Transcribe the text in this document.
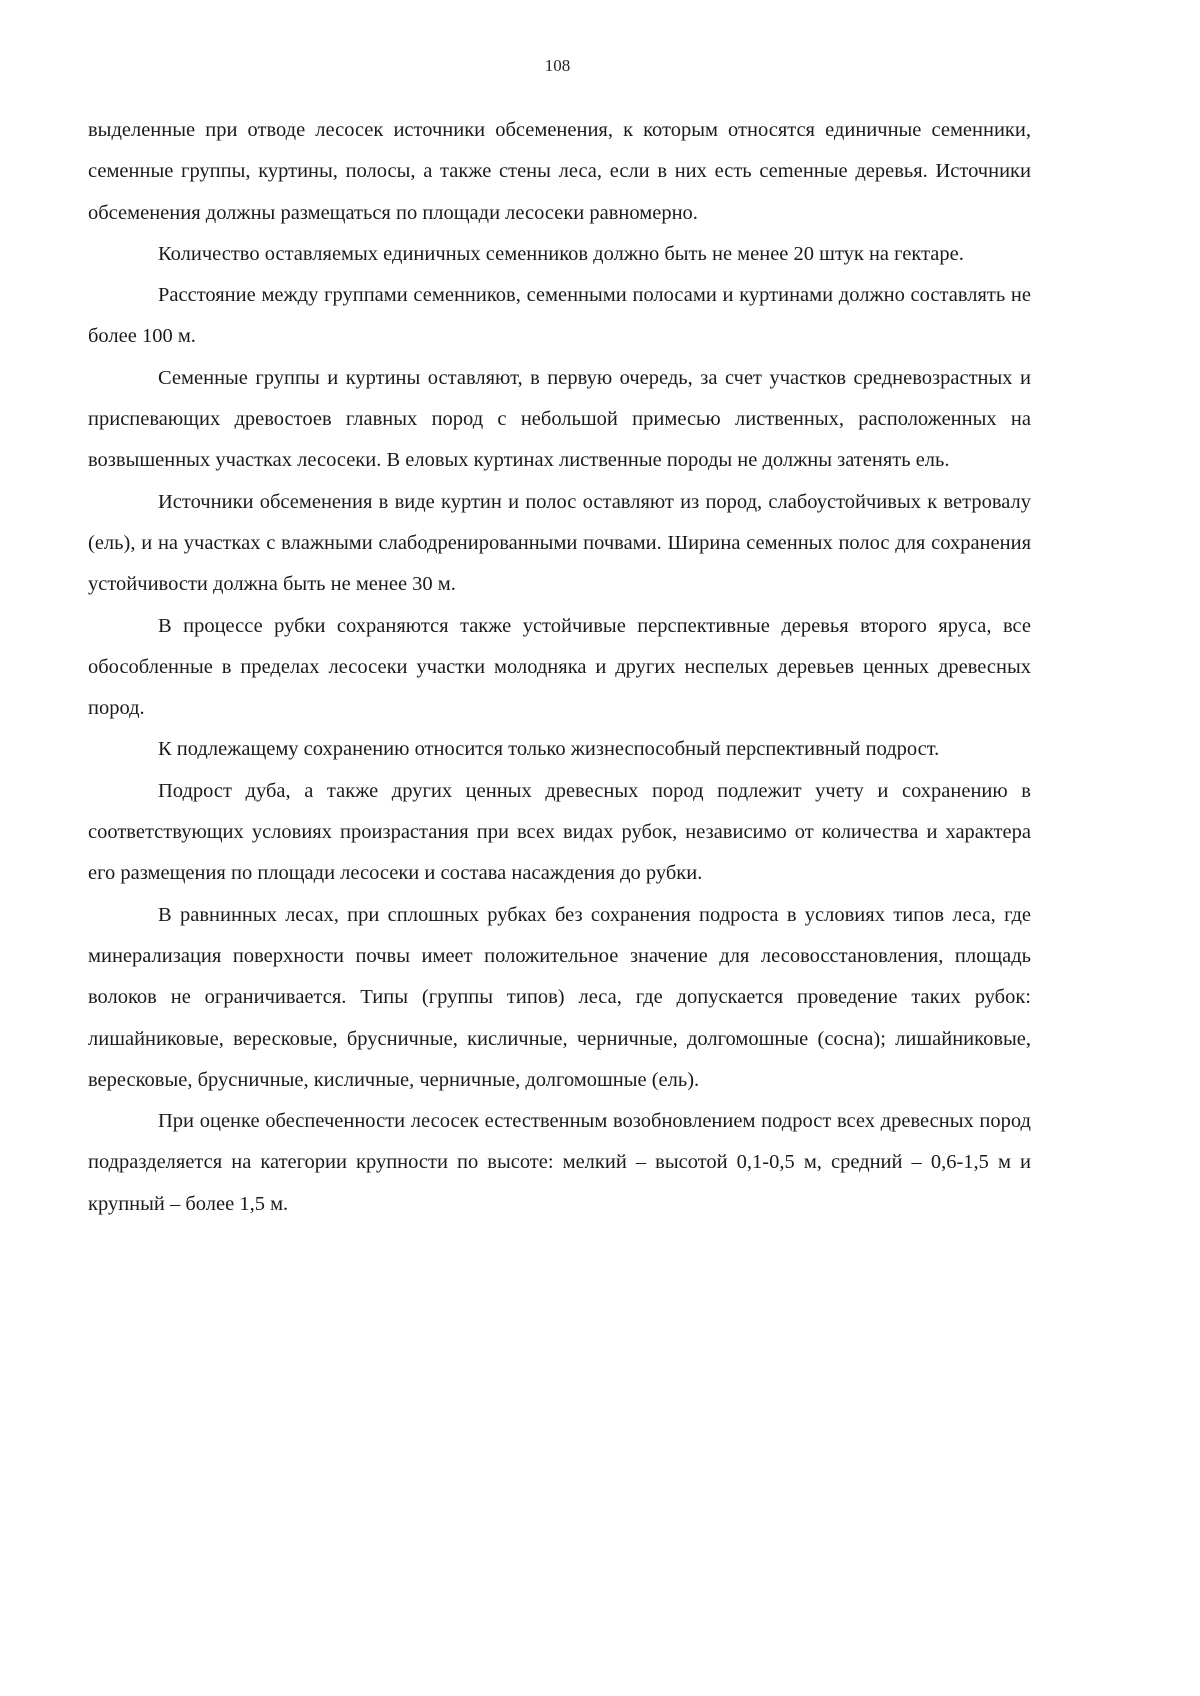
108

выделенные при отводе лесосек источники обсеменения, к которым относятся единичные семенники, семенные группы, куртины, полосы, а также стены леса, если в них есть сеmенные деревья. Источники обсеменения должны размещаться по площади лесосеки равномерно.

Количество оставляемых единичных семенников должно быть не менее 20 штук на гектаре.

Расстояние между группами семенников, семенными полосами и куртинами должно составлять не более 100 м.

Семенные группы и куртины оставляют, в первую очередь, за счет участков средневозрастных и приспевающих древостоев главных пород с небольшой примесью лиственных, расположенных на возвышенных участках лесосеки. В еловых куртинах лиственные породы не должны затенять ель.

Источники обсеменения в виде куртин и полос оставляют из пород, слабоустойчивых к ветровалу (ель), и на участках с влажными слабодренированными почвами. Ширина семенных полос для сохранения устойчивости должна быть не менее 30 м.

В процессе рубки сохраняются также устойчивые перспективные деревья второго яруса, все обособленные в пределах лесосеки участки молодняка и других неспелых деревьев ценных древесных пород.

К подлежащему сохранению относится только жизнеспособный перспективный подрост.

Подрост дуба, а также других ценных древесных пород подлежит учету и сохранению в соответствующих условиях произрастания при всех видах рубок, независимо от количества и характера его размещения по площади лесосеки и состава насаждения до рубки.

В равнинных лесах, при сплошных рубках без сохранения подроста в условиях типов леса, где минерализация поверхности почвы имеет положительное значение для лесовосстановления, площадь волоков не ограничивается. Типы (группы типов) леса, где допускается проведение таких рубок: лишайниковые, вересковые, брусничные, кисличные, черничные, долгомошные (сосна); лишайниковые, вересковые, брусничные, кисличные, черничные, долгомошные (ель).

При оценке обеспеченности лесосек естественным возобновлением подрост всех древесных пород подразделяется на категории крупности по высоте: мелкий – высотой 0,1-0,5 м, средний – 0,6-1,5 м и крупный – более 1,5 м.
